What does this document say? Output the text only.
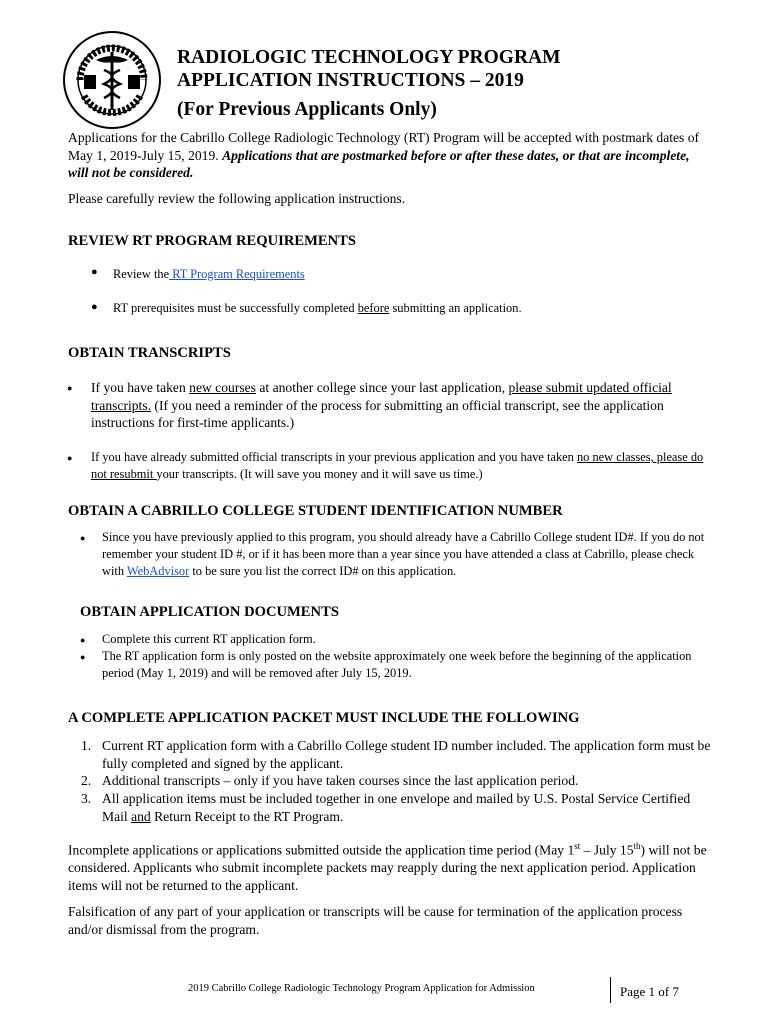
RADIOLOGIC TECHNOLOGY PROGRAM
APPLICATION INSTRUCTIONS – 2019
(For Previous Applicants Only)
Applications for the Cabrillo College Radiologic Technology (RT) Program will be accepted with postmark dates of May 1, 2019-July 15, 2019. Applications that are postmarked before or after these dates, or that are incomplete, will not be considered.
Please carefully review the following application instructions.
REVIEW RT PROGRAM REQUIREMENTS
● Review the RT Program Requirements
● RT prerequisites must be successfully completed before submitting an application.
OBTAIN TRANSCRIPTS
● If you have taken new courses at another college since your last application, please submit updated official transcripts. (If you need a reminder of the process for submitting an official transcript, see the application instructions for first-time applicants.)
● If you have already submitted official transcripts in your previous application and you have taken no new classes, please do not resubmit your transcripts. (It will save you money and it will save us time.)
OBTAIN A CABRILLO COLLEGE STUDENT IDENTIFICATION NUMBER
● Since you have previously applied to this program, you should already have a Cabrillo College student ID#. If you do not remember your student ID #, or if it has been more than a year since you have attended a class at Cabrillo, please check with WebAdvisor to be sure you list the correct ID# on this application.
OBTAIN APPLICATION DOCUMENTS
● Complete this current RT application form.
● The RT application form is only posted on the website approximately one week before the beginning of the application period (May 1, 2019) and will be removed after July 15, 2019.
A COMPLETE APPLICATION PACKET MUST INCLUDE THE FOLLOWING
1. Current RT application form with a Cabrillo College student ID number included. The application form must be fully completed and signed by the applicant.
2. Additional transcripts – only if you have taken courses since the last application period.
3. All application items must be included together in one envelope and mailed by U.S. Postal Service Certified Mail and Return Receipt to the RT Program.
Incomplete applications or applications submitted outside the application time period (May 1st – July 15th) will not be considered. Applicants who submit incomplete packets may reapply during the next application period. Application items will not be returned to the applicant.
Falsification of any part of your application or transcripts will be cause for termination of the application process and/or dismissal from the program.
2019 Cabrillo College Radiologic Technology Program Application for Admission	Page 1 of 7
